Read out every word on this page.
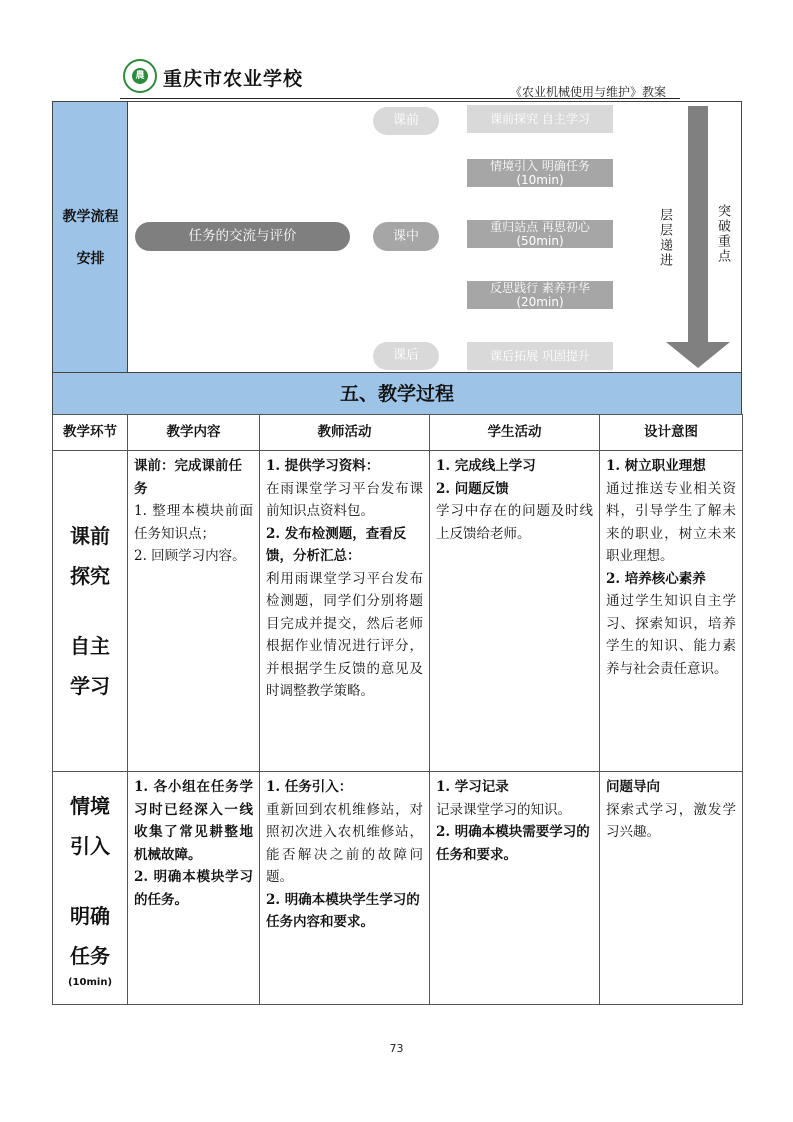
農 重庆市农业学校
《农业机械使用与维护》教案
教学流程
安排
任务的交流与评价
课前
课中
课后
课前探究 自主学习
情境引入 明确任务
(10min)
重归站点 再思初心
(50min)
反思践行 素养升华
(20min)
课后拓展 巩固提升
层层递进	突破重点
五、教学过程
教学环节	教学内容	教师活动	学生活动	设计意图

课前
探究
自主
学习	课前：完成课前任务
1. 整理本模块前面任务知识点；
2. 回顾学习内容。	1. 提供学习资料：
在雨课堂学习平台发布课前知识点资料包。
2. 发布检测题，查看反馈，分析汇总：
利用雨课堂学习平台发布检测题，同学们分别将题目完成并提交，然后老师根据作业情况进行评分，并根据学生反馈的意见及时调整教学策略。	1. 完成线上学习
2. 问题反馈
学习中存在的问题及时线上反馈给老师。	1. 树立职业理想
通过推送专业相关资料，引导学生了解未来的职业，树立未来职业理想。
2. 培养核心素养
通过学生知识自主学习、探索知识，培养学生的知识、能力素养与社会责任意识。

情境
引入
明确
任务
(10min)	1. 各小组在任务学习时已经深入一线收集了常见耕整地机械故障。
2. 明确本模块学习的任务。	1. 任务引入：
重新回到农机维修站，对照初次进入农机维修站，能否解决之前的故障问题。
2. 明确本模块学生学习的任务内容和要求。	1. 学习记录
记录课堂学习的知识。
2. 明确本模块需要学习的任务和要求。	问题导向
探索式学习，激发学习兴趣。
73
